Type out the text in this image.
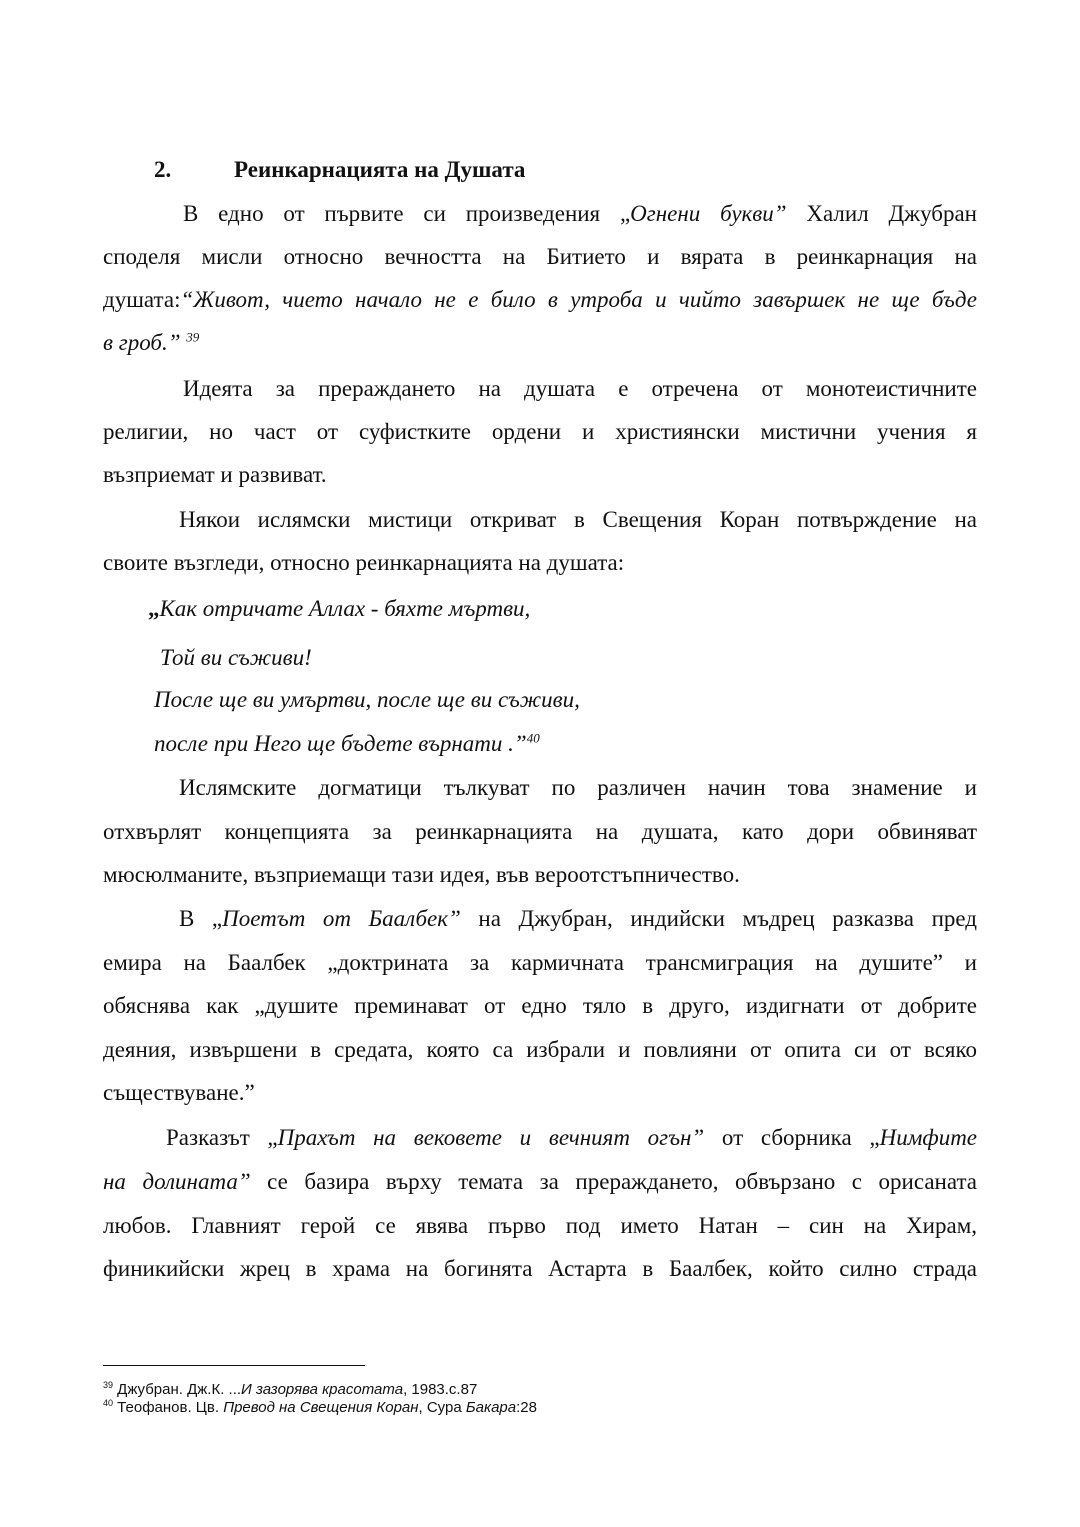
2.	Реинкарнацията на Душата
В едно от първите си произведения „Огнени букви” Халил Джубран
споделя мисли относно вечността на Битието и вярата в реинкарнация на
душата:“Живот, чието начало не е било в утроба и чийто завършек не ще бъде
в гроб.” $^{39}$
Идеята за прераждането на душата е отречена от монотеистичните
религии, но част от суфистките ордени и християнски мистични учения я
възприемат и развиват.
Някои ислямски мистици откриват в Свещения Коран потвърждение на
своите възгледи, относно реинкарнацията на душата:
„Как отричате Аллах - бяхте мъртви,
Той ви съживи!
После ще ви умъртви, после ще ви съживи,
после при Него ще бъдете върнати .”$^{40}$
Ислямските догматици тълкуват по различен начин това знамение и
отхвърлят концепцията за реинкарнацията на душата, като дори обвиняват
мюсюлманите, възприемащи тази идея, във вероотстъпничество.
В „Поетът от Баалбек” на Джубран, индийски мъдрец разказва пред
емира на Баалбек „доктрината за кармичната трансмиграция на душите” и
обяснява как „душите преминават от едно тяло в друго, издигнати от добрите
деяния, извършени в средата, която са избрали и повлияни от опита си от всяко
съществуване.”
Разказът „Прахът на вековете и вечният огън” от сборника „Нимфите
на долината” се базира върху темата за прераждането, обвързано с орисаната
любов. Главният герой се явява първо под името Натан – син на Хирам,
финикийски жрец в храма на богинята Астарта в Баалбек, който силно страда
$^{39}$ Джубран. Дж.К. ...И зазорява красотата, 1983.с.87
$^{40}$ Теофанов. Цв. Превод на Свещения Коран, Сура Бакара:28
